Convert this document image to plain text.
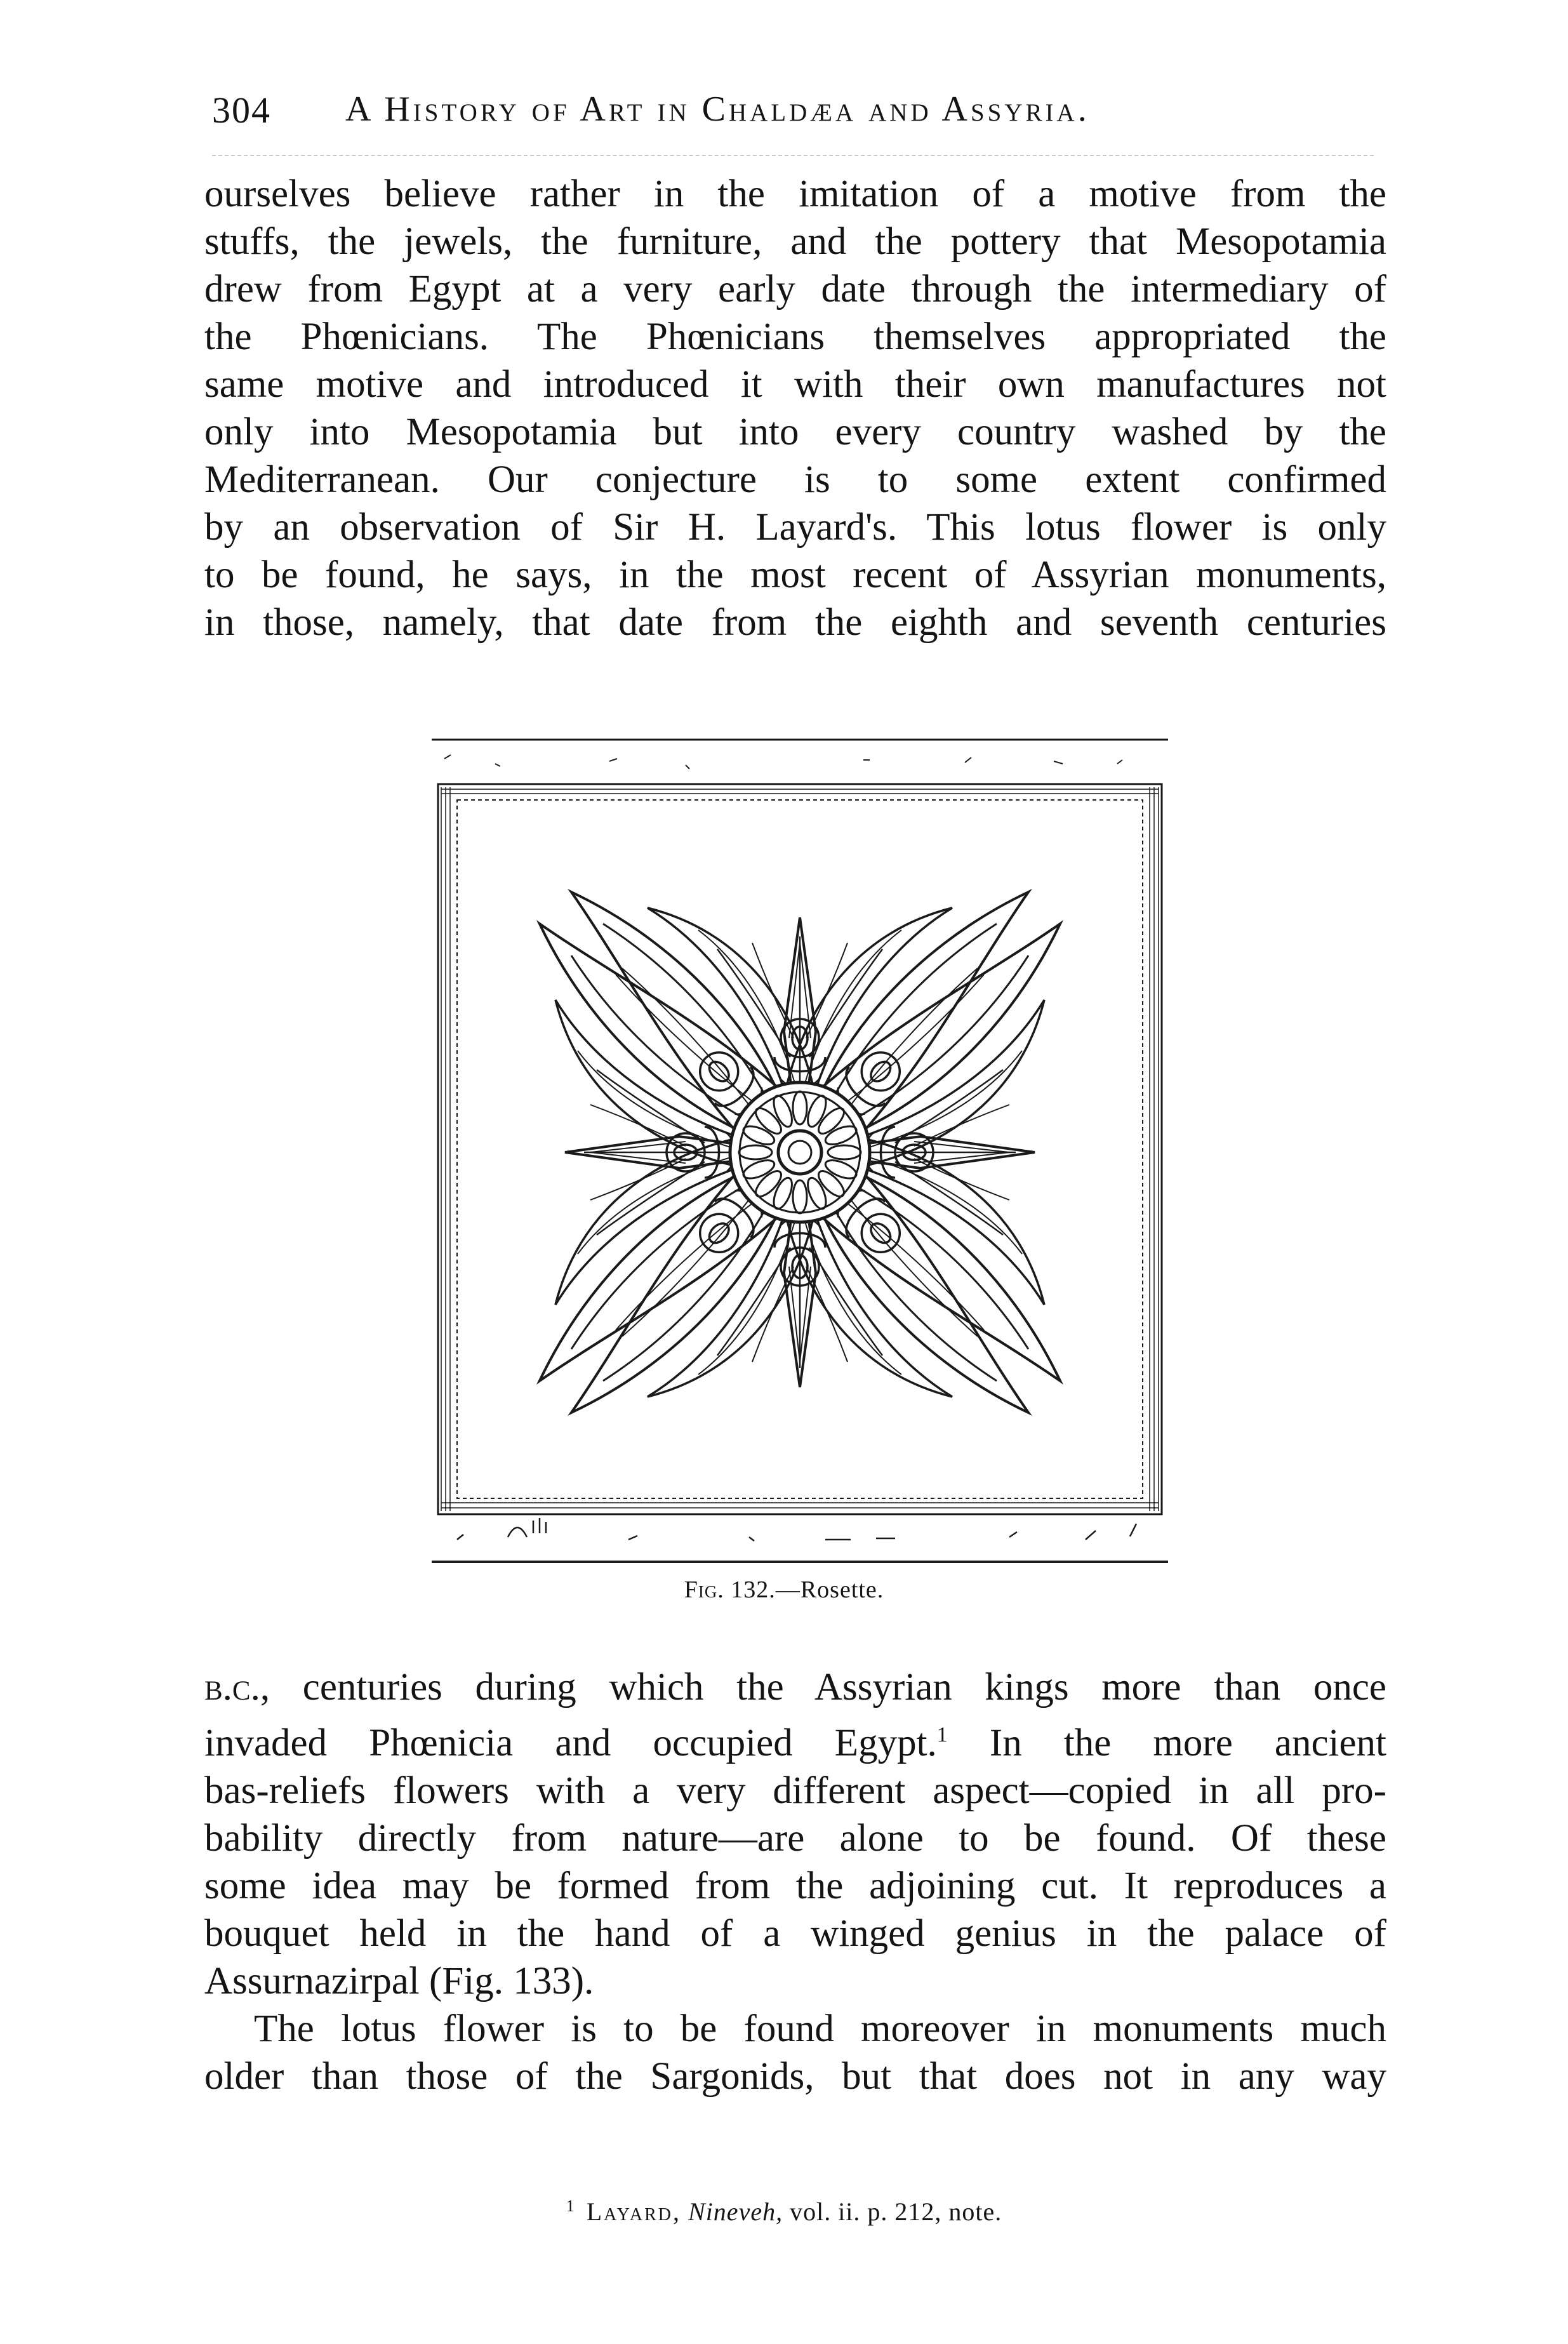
304 A History of Art in Chaldæa and Assyria.
ourselves believe rather in the imitation of a motive from the
stuffs, the jewels, the furniture, and the pottery that Mesopotamia
drew from Egypt at a very early date through the intermediary of
the Phœnicians. The Phœnicians themselves appropriated the
same motive and introduced it with their own manufactures not
only into Mesopotamia but into every country washed by the
Mediterranean. Our conjecture is to some extent confirmed
by an observation of Sir H. Layard's. This lotus flower is only
to be found, he says, in the most recent of Assyrian monuments,
in those, namely, that date from the eighth and seventh centuries
Fig. 132.—Rosette.
b.c., centuries during which the Assyrian kings more than once
invaded Phœnicia and occupied Egypt.$^1$ In the more ancient
bas-reliefs flowers with a very different aspect—copied in all pro-
bability directly from nature—are alone to be found. Of these
some idea may be formed from the adjoining cut. It reproduces a
bouquet held in the hand of a winged genius in the palace of
Assurnazirpal (Fig. 133).
The lotus flower is to be found moreover in monuments much
older than those of the Sargonids, but that does not in any way
$^1$ Layard, Nineveh, vol. ii. p. 212, note.
